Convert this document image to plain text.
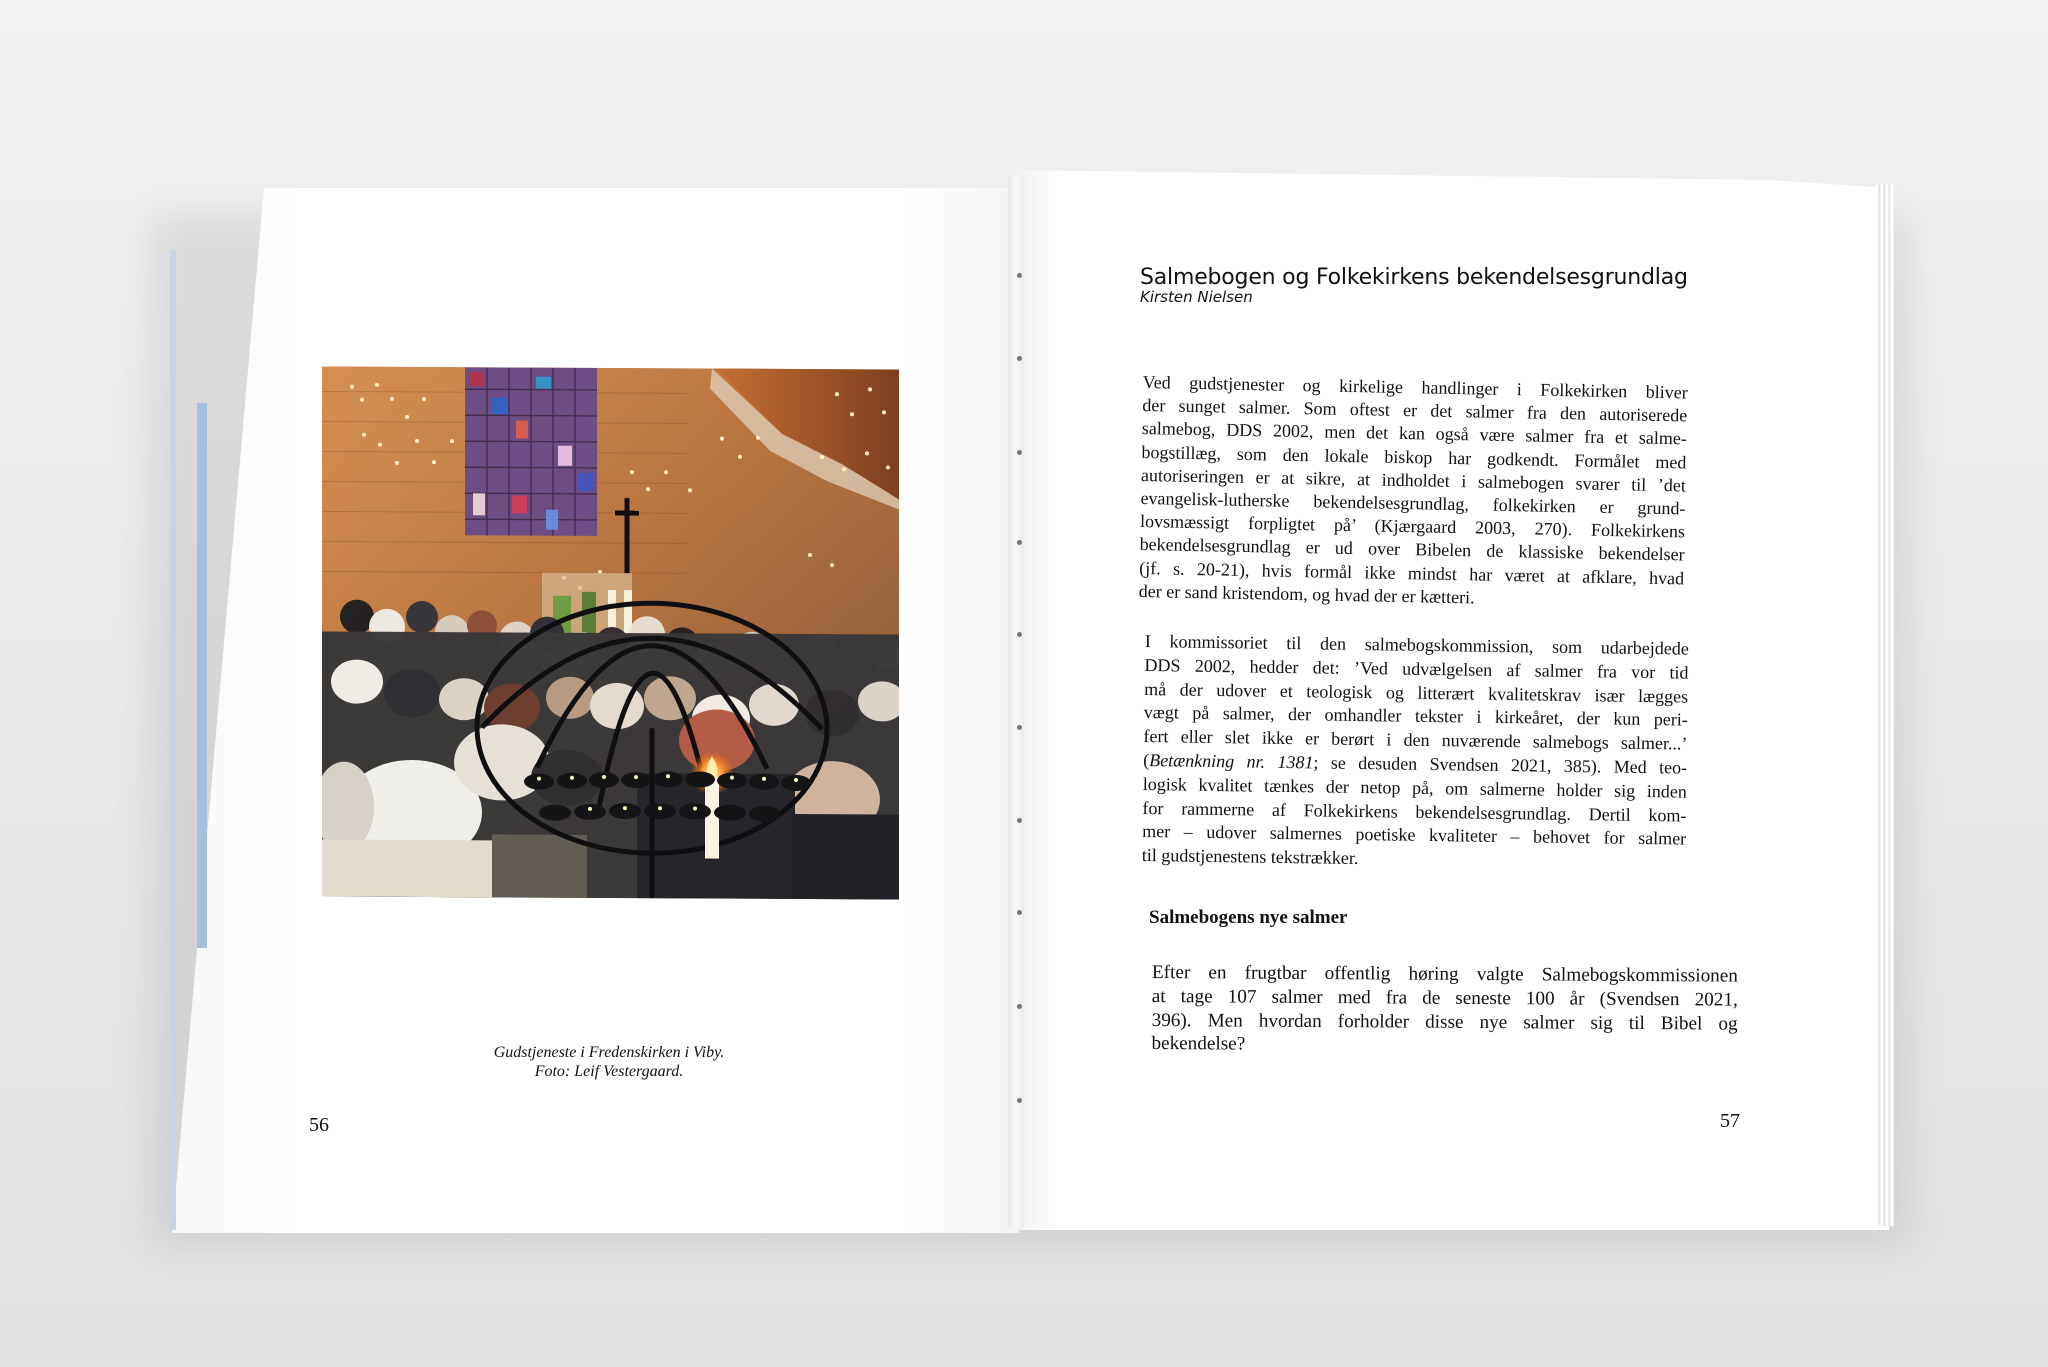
Gudstjeneste i Fredenskirken i Viby.
Foto: Leif Vestergaard.
56
Salmebogen og Folkekirkens bekendelsesgrundlag
Kirsten Nielsen
Ved gudstjenester og kirkelige handlinger i Folkekirken bliver
der sunget salmer. Som oftest er det salmer fra den autoriserede
salmebog, DDS 2002, men det kan også være salmer fra et salme-
bogstillæg, som den lokale biskop har godkendt. Formålet med
autoriseringen er at sikre, at indholdet i salmebogen svarer til ’det
evangelisk-lutherske bekendelsesgrundlag, folkekirken er grund-
lovsmæssigt forpligtet på’ (Kjærgaard 2003, 270). Folkekirkens
bekendelsesgrundlag er ud over Bibelen de klassiske bekendelser
(jf. s. 20-21), hvis formål ikke mindst har været at afklare, hvad
der er sand kristendom, og hvad der er kætteri.
I kommissoriet til den salmebogskommission, som udarbejdede
DDS 2002, hedder det: ’Ved udvælgelsen af salmer fra vor tid
må der udover et teologisk og litterært kvalitetskrav især lægges
vægt på salmer, der omhandler tekster i kirkeåret, der kun peri-
fert eller slet ikke er berørt i den nuværende salmebogs salmer...’
(Betænkning nr. 1381; se desuden Svendsen 2021, 385). Med teo-
logisk kvalitet tænkes der netop på, om salmerne holder sig inden
for rammerne af Folkekirkens bekendelsesgrundlag. Dertil kom-
mer – udover salmernes poetiske kvaliteter – behovet for salmer
til gudstjenestens tekstrækker.
Salmebogens nye salmer
Efter en frugtbar offentlig høring valgte Salmebogskommissionen
at tage 107 salmer med fra de seneste 100 år (Svendsen 2021,
396). Men hvordan forholder disse nye salmer sig til Bibel og
bekendelse?
57
